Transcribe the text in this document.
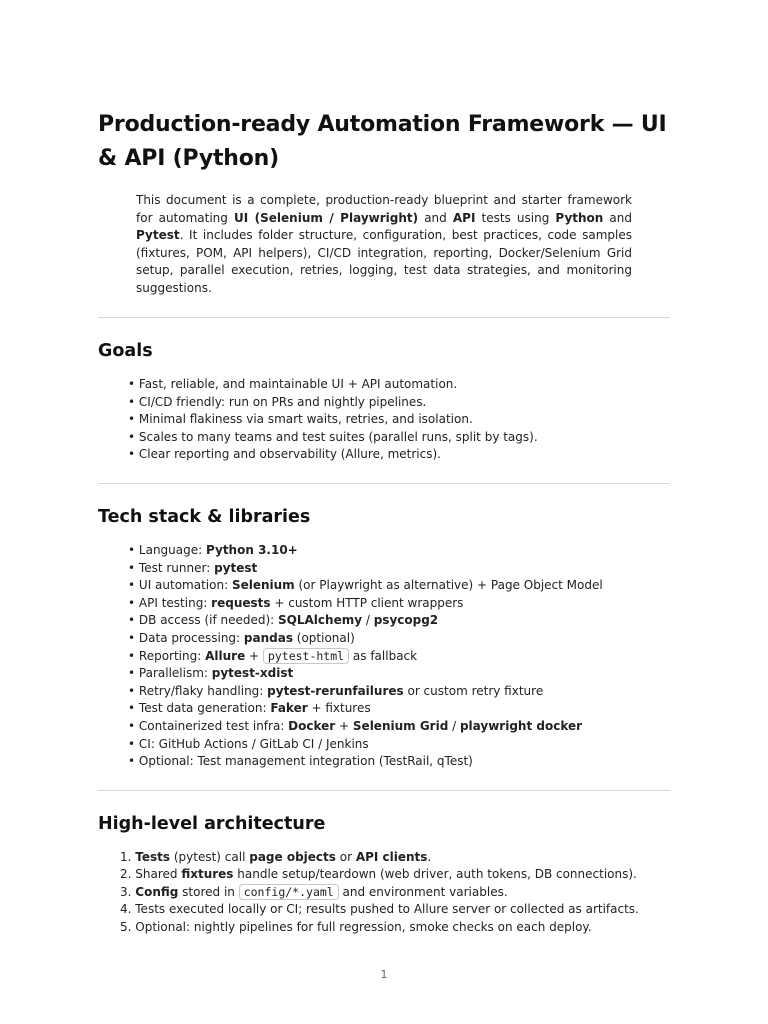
Production-ready Automation Framework — UI & API (Python)

This document is a complete, production-ready blueprint and starter framework for automating UI (Selenium / Playwright) and API tests using Python and Pytest. It includes folder structure, configuration, best practices, code samples (fixtures, POM, API helpers), CI/CD integration, reporting, Docker/Selenium Grid setup, parallel execution, retries, logging, test data strategies, and monitoring suggestions.

Goals
• Fast, reliable, and maintainable UI + API automation.
• CI/CD friendly: run on PRs and nightly pipelines.
• Minimal flakiness via smart waits, retries, and isolation.
• Scales to many teams and test suites (parallel runs, split by tags).
• Clear reporting and observability (Allure, metrics).
Tech stack & libraries
• Language: Python 3.10+
• Test runner: pytest
• UI automation: Selenium (or Playwright as alternative) + Page Object Model
• API testing: requests + custom HTTP client wrappers
• DB access (if needed): SQLAlchemy / psycopg2
• Data processing: pandas (optional)
• Reporting: Allure + pytest-html as fallback
• Parallelism: pytest-xdist
• Retry/flaky handling: pytest-rerunfailures or custom retry fixture
• Test data generation: Faker + fixtures
• Containerized test infra: Docker + Selenium Grid / playwright docker
• CI: GitHub Actions / GitLab CI / Jenkins
• Optional: Test management integration (TestRail, qTest)
High-level architecture
1. Tests (pytest) call page objects or API clients.
2. Shared fixtures handle setup/teardown (web driver, auth tokens, DB connections).
3. Config stored in config/*.yaml and environment variables.
4. Tests executed locally or CI; results pushed to Allure server or collected as artifacts.
5. Optional: nightly pipelines for full regression, smoke checks on each deploy.
1
